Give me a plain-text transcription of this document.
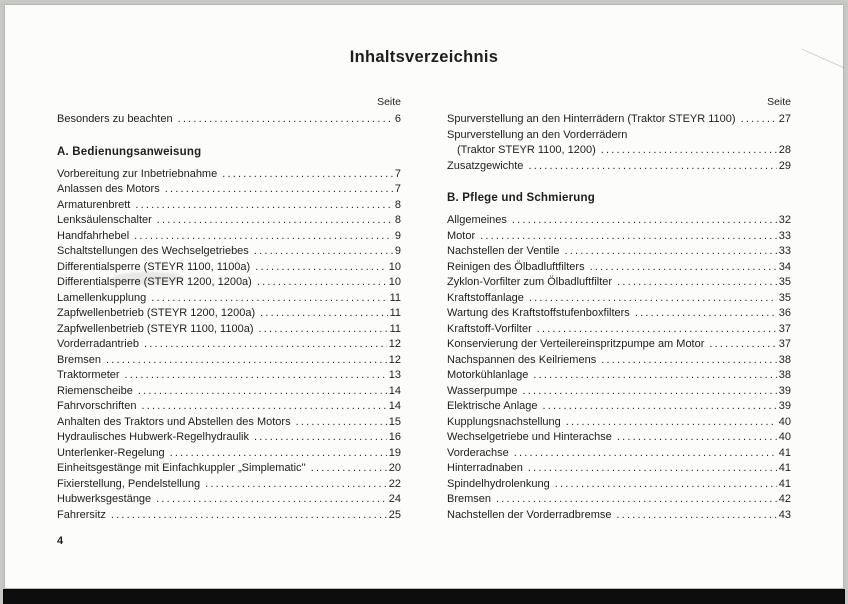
Inhaltsverzeichnis
Seite
Besonders zu beachten .....	6
A. Bedienungsanweisung
Vorbereitung zur Inbetriebnahme .....	7
Anlassen des Motors .....	7
Armaturenbrett .....	8
Lenksäulenschalter .....	8
Handfahrhebel .....	9
Schaltstellungen des Wechselgetriebes .....	9
Differentialsperre (STEYR 1100, 1100a) .....	10
Differentialsperre (STEYR 1200, 1200a) .....	10
Lamellenkupplung .....	11
Zapfwellenbetrieb (STEYR 1200, 1200a) .....	11
Zapfwellenbetrieb (STEYR 1100, 1100a) .....	11
Vorderradantrieb .....	12
Bremsen .....	12
Traktormeter .....	13
Riemenscheibe .....	14
Fahrvorschriften .....	14
Anhalten des Traktors und Abstellen des Motors .....	15
Hydraulisches Hubwerk-Regelhydraulik .....	16
Unterlenker-Regelung .....	19
Einheitsgestänge mit Einfachkuppler „Simplematic'' .....	20
Fixierstellung, Pendelstellung .....	22
Hubwerksgestänge .....	24
Fahrersitz .....	25
Seite
Spurverstellung an den Hinterrädern (Traktor STEYR 1100) .....	27
Spurverstellung an den Vorderrädern
(Traktor STEYR 1100, 1200) .....	28
Zusatzgewichte .....	29
B. Pflege und Schmierung
Allgemeines .....	32
Motor .....	33
Nachstellen der Ventile .....	33
Reinigen des Ölbadluftfilters .....	34
Zyklon-Vorfilter zum Ölbadluftfilter .....	35
Kraftstoffanlage .....	35
Wartung des Kraftstoffstufenboxfilters .....	36
Kraftstoff-Vorfilter .....	37
Konservierung der Verteilereinspritzpumpe am Motor .....	37
Nachspannen des Keilriemens .....	38
Motorkühlanlage .....	38
Wasserpumpe .....	39
Elektrische Anlage .....	39
Kupplungsnachstellung .....	40
Wechselgetriebe und Hinterachse .....	40
Vorderachse .....	41
Hinterradnaben .....	41
Spindelhydrolenkung .....	41
Bremsen .....	42
Nachstellen der Vorderradbremse .....	43
4
